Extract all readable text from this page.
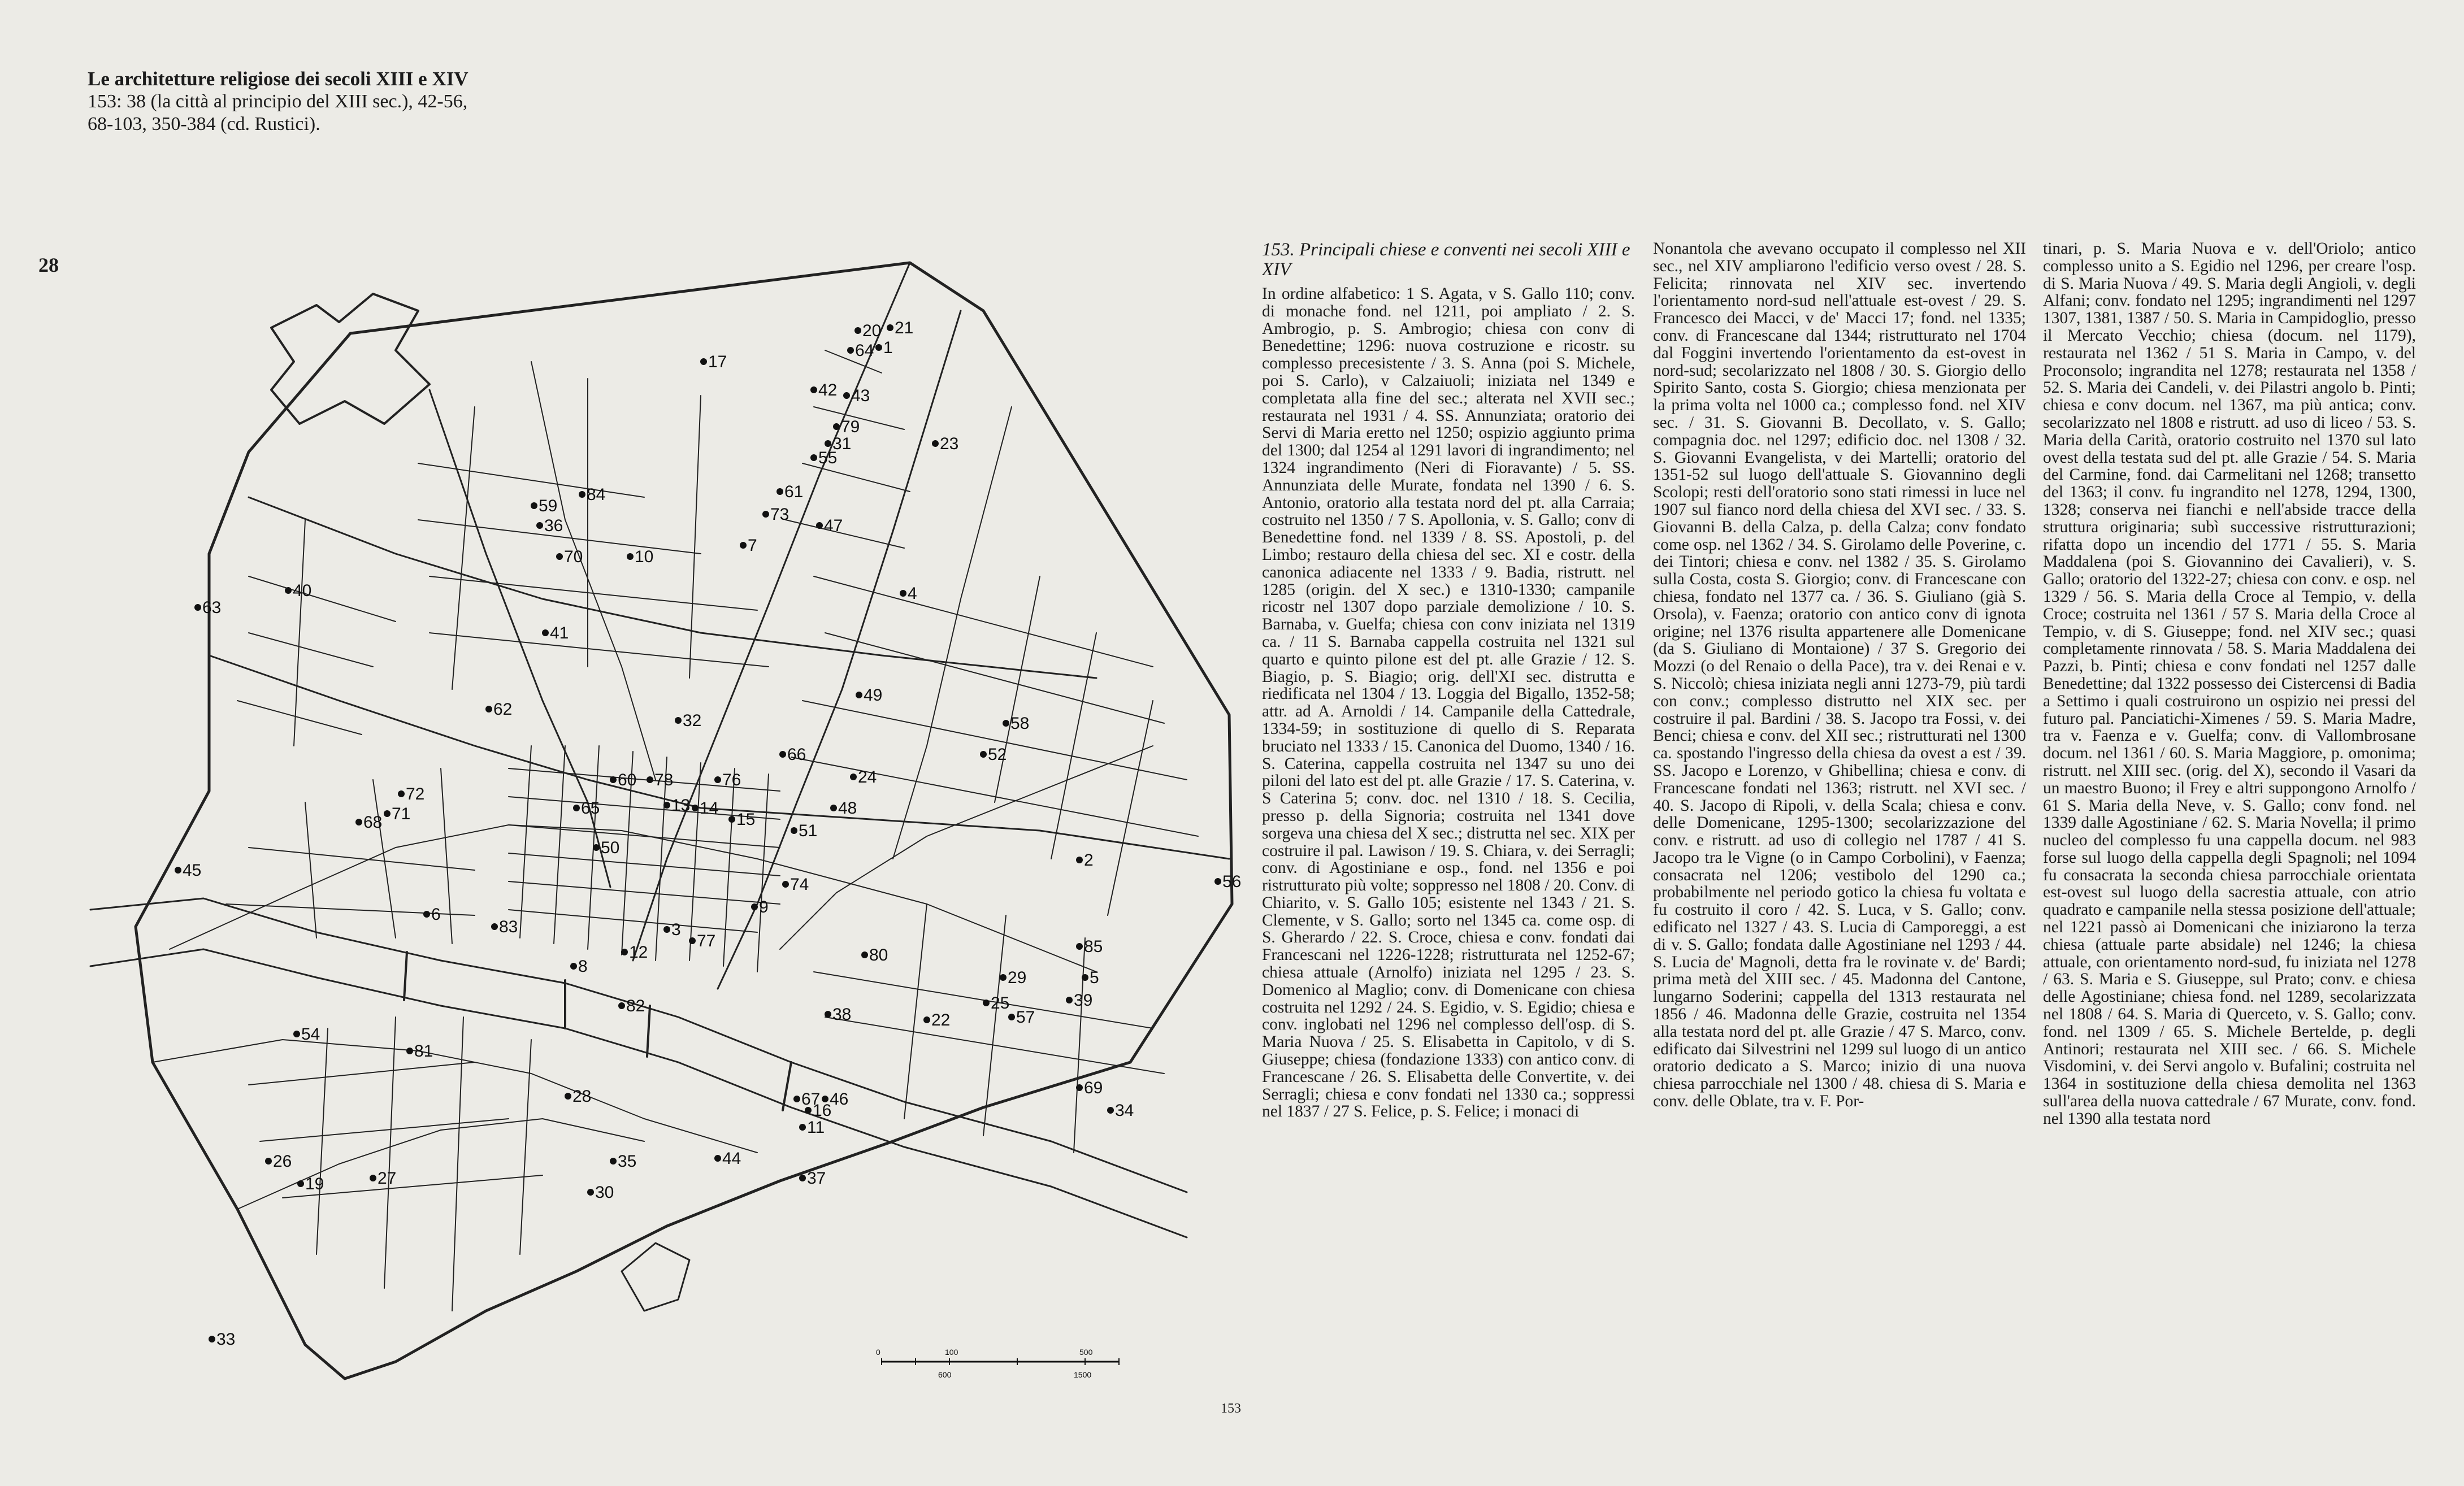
Le architetture religiose dei secoli XIII e XIV

153: 38 (la città al principio del XIII sec.), 42-56, 68-103, 350-384 (cd. Rustici).

28
1
2
3
4
5
6
7
8
9
10
11
12
13 14
15
16
17
19
20 21
22
23
24
25
26
27
28
29
30
31
32
33
34
35
36
37
38
39
40
41
42 43
44
45
46
47
48
49
50
51
52
54
55
56
57
58
59
60
61
62
63
64
65
66
67
68
69
70
71
72
73
74
76
77
78
79
80
81
82
83
84
85
0	100	500
600	1500

153. Principali chiese e conventi nei secoli XIII e XIV

In ordine alfabetico: 1 S. Agata, v S. Gallo 110; conv. di monache fond. nel 1211, poi ampliato / 2. S. Ambrogio, p. S. Ambrogio; chiesa con conv di Benedettine; 1296: nuova costruzione e ricostr. su complesso precesistente / 3. S. Anna (poi S. Michele, poi S. Carlo), v Calzaiuoli; iniziata nel 1349 e completata alla fine del sec.; alterata nel XVII sec.; restaurata nel 1931 / 4. SS. Annunziata; oratorio dei Servi di Maria eretto nel 1250; ospizio aggiunto prima del 1300; dal 1254 al 1291 lavori di ingrandimento; nel 1324 ingrandimento (Neri di Fioravante) / 5. SS. Annunziata delle Murate, fondata nel 1390 / 6. S. Antonio, oratorio alla testata nord del pt. alla Carraia; costruito nel 1350 / 7 S. Apollonia, v. S. Gallo; conv di Benedettine fond. nel 1339 / 8. SS. Apostoli, p. del Limbo; restauro della chiesa del sec. XI e costr. della canonica adiacente nel 1333 / 9. Badia, ristrutt. nel 1285 (origin. del X sec.) e 1310-1330; campanile ricostr nel 1307 dopo parziale demolizione / 10. S. Barnaba, v. Guelfa; chiesa con conv iniziata nel 1319 ca. / 11 S. Barnaba cappella costruita nel 1321 sul quarto e quinto pilone est del pt. alle Grazie / 12. S. Biagio, p. S. Biagio; orig. dell'XI sec. distrutta e riedificata nel 1304 / 13. Loggia del Bigallo, 1352-58; attr. ad A. Arnoldi / 14. Campanile della Cattedrale, 1334-59; in sostituzione di quello di S. Reparata bruciato nel 1333 / 15. Canonica del Duomo, 1340 / 16. S. Caterina, cappella costruita nel 1347 su uno dei piloni del lato est del pt. alle Grazie / 17. S. Caterina, v. S Caterina 5; conv. doc. nel 1310 / 18. S. Cecilia, presso p. della Signoria; costruita nel 1341 dove sorgeva una chiesa del X sec.; distrutta nel sec. XIX per costruire il pal. Lawison / 19. S. Chiara, v. dei Serragli; conv. di Agostiniane e osp., fond. nel 1356 e poi ristrutturato più volte; soppresso nel 1808 / 20. Conv. di Chiarito, v. S. Gallo 105; esistente nel 1343 / 21. S. Clemente, v S. Gallo; sorto nel 1345 ca. come osp. di S. Gherardo / 22. S. Croce, chiesa e conv. fondati dai Francescani nel 1226-1228; ristrutturata nel 1252-67; chiesa attuale (Arnolfo) iniziata nel 1295 / 23. S. Domenico al Maglio; conv. di Domenicane con chiesa costruita nel 1292 / 24. S. Egidio, v. S. Egidio; chiesa e conv. inglobati nel 1296 nel complesso dell'osp. di S. Maria Nuova / 25. S. Elisabetta in Capitolo, v di S. Giuseppe; chiesa (fondazione 1333) con antico conv. di Francescane / 26. S. Elisabetta delle Convertite, v. dei Serragli; chiesa e conv fondati nel 1330 ca.; soppressi nel 1837 / 27 S. Felice, p. S. Felice; i monaci di

Nonantola che avevano occupato il complesso nel XII sec., nel XIV ampliarono l'edificio verso ovest / 28. S. Felicita; rinnovata nel XIV sec. invertendo l'orientamento nord-sud nell'attuale est-ovest / 29. S. Francesco dei Macci, v de' Macci 17; fond. nel 1335; conv. di Francescane dal 1344; ristrutturato nel 1704 dal Foggini invertendo l'orientamento da est-ovest in nord-sud; secolarizzato nel 1808 / 30. S. Giorgio dello Spirito Santo, costa S. Giorgio; chiesa menzionata per la prima volta nel 1000 ca.; complesso fond. nel XIV sec. / 31. S. Giovanni B. Decollato, v. S. Gallo; compagnia doc. nel 1297; edificio doc. nel 1308 / 32. S. Giovanni Evangelista, v dei Martelli; oratorio del 1351-52 sul luogo dell'attuale S. Giovannino degli Scolopi; resti dell'oratorio sono stati rimessi in luce nel 1907 sul fianco nord della chiesa del XVI sec. / 33. S. Giovanni B. della Calza, p. della Calza; conv fondato come osp. nel 1362 / 34. S. Girolamo delle Poverine, c. dei Tintori; chiesa e conv. nel 1382 / 35. S. Girolamo sulla Costa, costa S. Giorgio; conv. di Francescane con chiesa, fondato nel 1377 ca. / 36. S. Giuliano (già S. Orsola), v. Faenza; oratorio con antico conv di ignota origine; nel 1376 risulta appartenere alle Domenicane (da S. Giuliano di Montaione) / 37 S. Gregorio dei Mozzi (o del Renaio o della Pace), tra v. dei Renai e v. S. Niccolò; chiesa iniziata negli anni 1273-79, più tardi con conv.; complesso distrutto nel XIX sec. per costruire il pal. Bardini / 38. S. Jacopo tra Fossi, v. dei Benci; chiesa e conv. del XII sec.; ristrutturati nel 1300 ca. spostando l'ingresso della chiesa da ovest a est / 39. SS. Jacopo e Lorenzo, v Ghibellina; chiesa e conv. di Francescane fondati nel 1363; ristrutt. nel XVI sec. / 40. S. Jacopo di Ripoli, v. della Scala; chiesa e conv. delle Domenicane, 1295-1300; secolarizzazione del conv. e ristrutt. ad uso di collegio nel 1787 / 41 S. Jacopo tra le Vigne (o in Campo Corbolini), v Faenza; consacrata nel 1206; vestibolo del 1290 ca.; probabilmente nel periodo gotico la chiesa fu voltata e fu costruito il coro / 42. S. Luca, v S. Gallo; conv. edificato nel 1327 / 43. S. Lucia di Camporeggi, a est di v. S. Gallo; fondata dalle Agostiniane nel 1293 / 44. S. Lucia de' Magnoli, detta fra le rovinate v. de' Bardi; prima metà del XIII sec. / 45. Madonna del Cantone, lungarno Soderini; cappella del 1313 restaurata nel 1856 / 46. Madonna delle Grazie, costruita nel 1354 alla testata nord del pt. alle Grazie / 47 S. Marco, conv. edificato dai Silvestrini nel 1299 sul luogo di un antico oratorio dedicato a S. Marco; inizio di una nuova chiesa parrocchiale nel 1300 / 48. chiesa di S. Maria e conv. delle Oblate, tra v. F. Por-

tinari, p. S. Maria Nuova e v. dell'Oriolo; antico complesso unito a S. Egidio nel 1296, per creare l'osp. di S. Maria Nuova / 49. S. Maria degli Angioli, v. degli Alfani; conv. fondato nel 1295; ingrandimenti nel 1297 1307, 1381, 1387 / 50. S. Maria in Campidoglio, presso il Mercato Vecchio; chiesa (docum. nel 1179), restaurata nel 1362 / 51 S. Maria in Campo, v. del Proconsolo; ingrandita nel 1278; restaurata nel 1358 / 52. S. Maria dei Candeli, v. dei Pilastri angolo b. Pinti; chiesa e conv docum. nel 1367, ma più antica; conv. secolarizzato nel 1808 e ristrutt. ad uso di liceo / 53. S. Maria della Carità, oratorio costruito nel 1370 sul lato ovest della testata sud del pt. alle Grazie / 54. S. Maria del Carmine, fond. dai Carmelitani nel 1268; transetto del 1363; il conv. fu ingrandito nel 1278, 1294, 1300, 1328; conserva nei fianchi e nell'abside tracce della struttura originaria; subì successive ristrutturazioni; rifatta dopo un incendio del 1771 / 55. S. Maria Maddalena (poi S. Giovannino dei Cavalieri), v. S. Gallo; oratorio del 1322-27; chiesa con conv. e osp. nel 1329 / 56. S. Maria della Croce al Tempio, v. della Croce; costruita nel 1361 / 57 S. Maria della Croce al Tempio, v. di S. Giuseppe; fond. nel XIV sec.; quasi completamente rinnovata / 58. S. Maria Maddalena dei Pazzi, b. Pinti; chiesa e conv fondati nel 1257 dalle Benedettine; dal 1322 possesso dei Cistercensi di Badia a Settimo i quali costruirono un ospizio nei pressi del futuro pal. Panciatichi-Ximenes / 59. S. Maria Madre, tra v. Faenza e v. Guelfa; conv. di Vallombrosane docum. nel 1361 / 60. S. Maria Maggiore, p. omonima; ristrutt. nel XIII sec. (orig. del X), secondo il Vasari da un maestro Buono; il Frey e altri suppongono Arnolfo / 61 S. Maria della Neve, v. S. Gallo; conv fond. nel 1339 dalle Agostiniane / 62. S. Maria Novella; il primo nucleo del complesso fu una cappella docum. nel 983 forse sul luogo della cappella degli Spagnoli; nel 1094 fu consacrata la seconda chiesa parrocchiale orientata est-ovest sul luogo della sacrestia attuale, con atrio quadrato e campanile nella stessa posizione dell'attuale; nel 1221 passò ai Domenicani che iniziarono la terza chiesa (attuale parte absidale) nel 1246; la chiesa attuale, con orientamento nord-sud, fu iniziata nel 1278 / 63. S. Maria e S. Giuseppe, sul Prato; conv. e chiesa delle Agostiniane; chiesa fond. nel 1289, secolarizzata nel 1808 / 64. S. Maria di Querceto, v. S. Gallo; conv. fond. nel 1309 / 65. S. Michele Bertelde, p. degli Antinori; restaurata nel XIII sec. / 66. S. Michele Visdomini, v. dei Servi angolo v. Bufalini; costruita nel 1364 in sostituzione della chiesa demolita nel 1363 sull'area della nuova cattedrale / 67 Murate, conv. fond. nel 1390 alla testata nord

153
